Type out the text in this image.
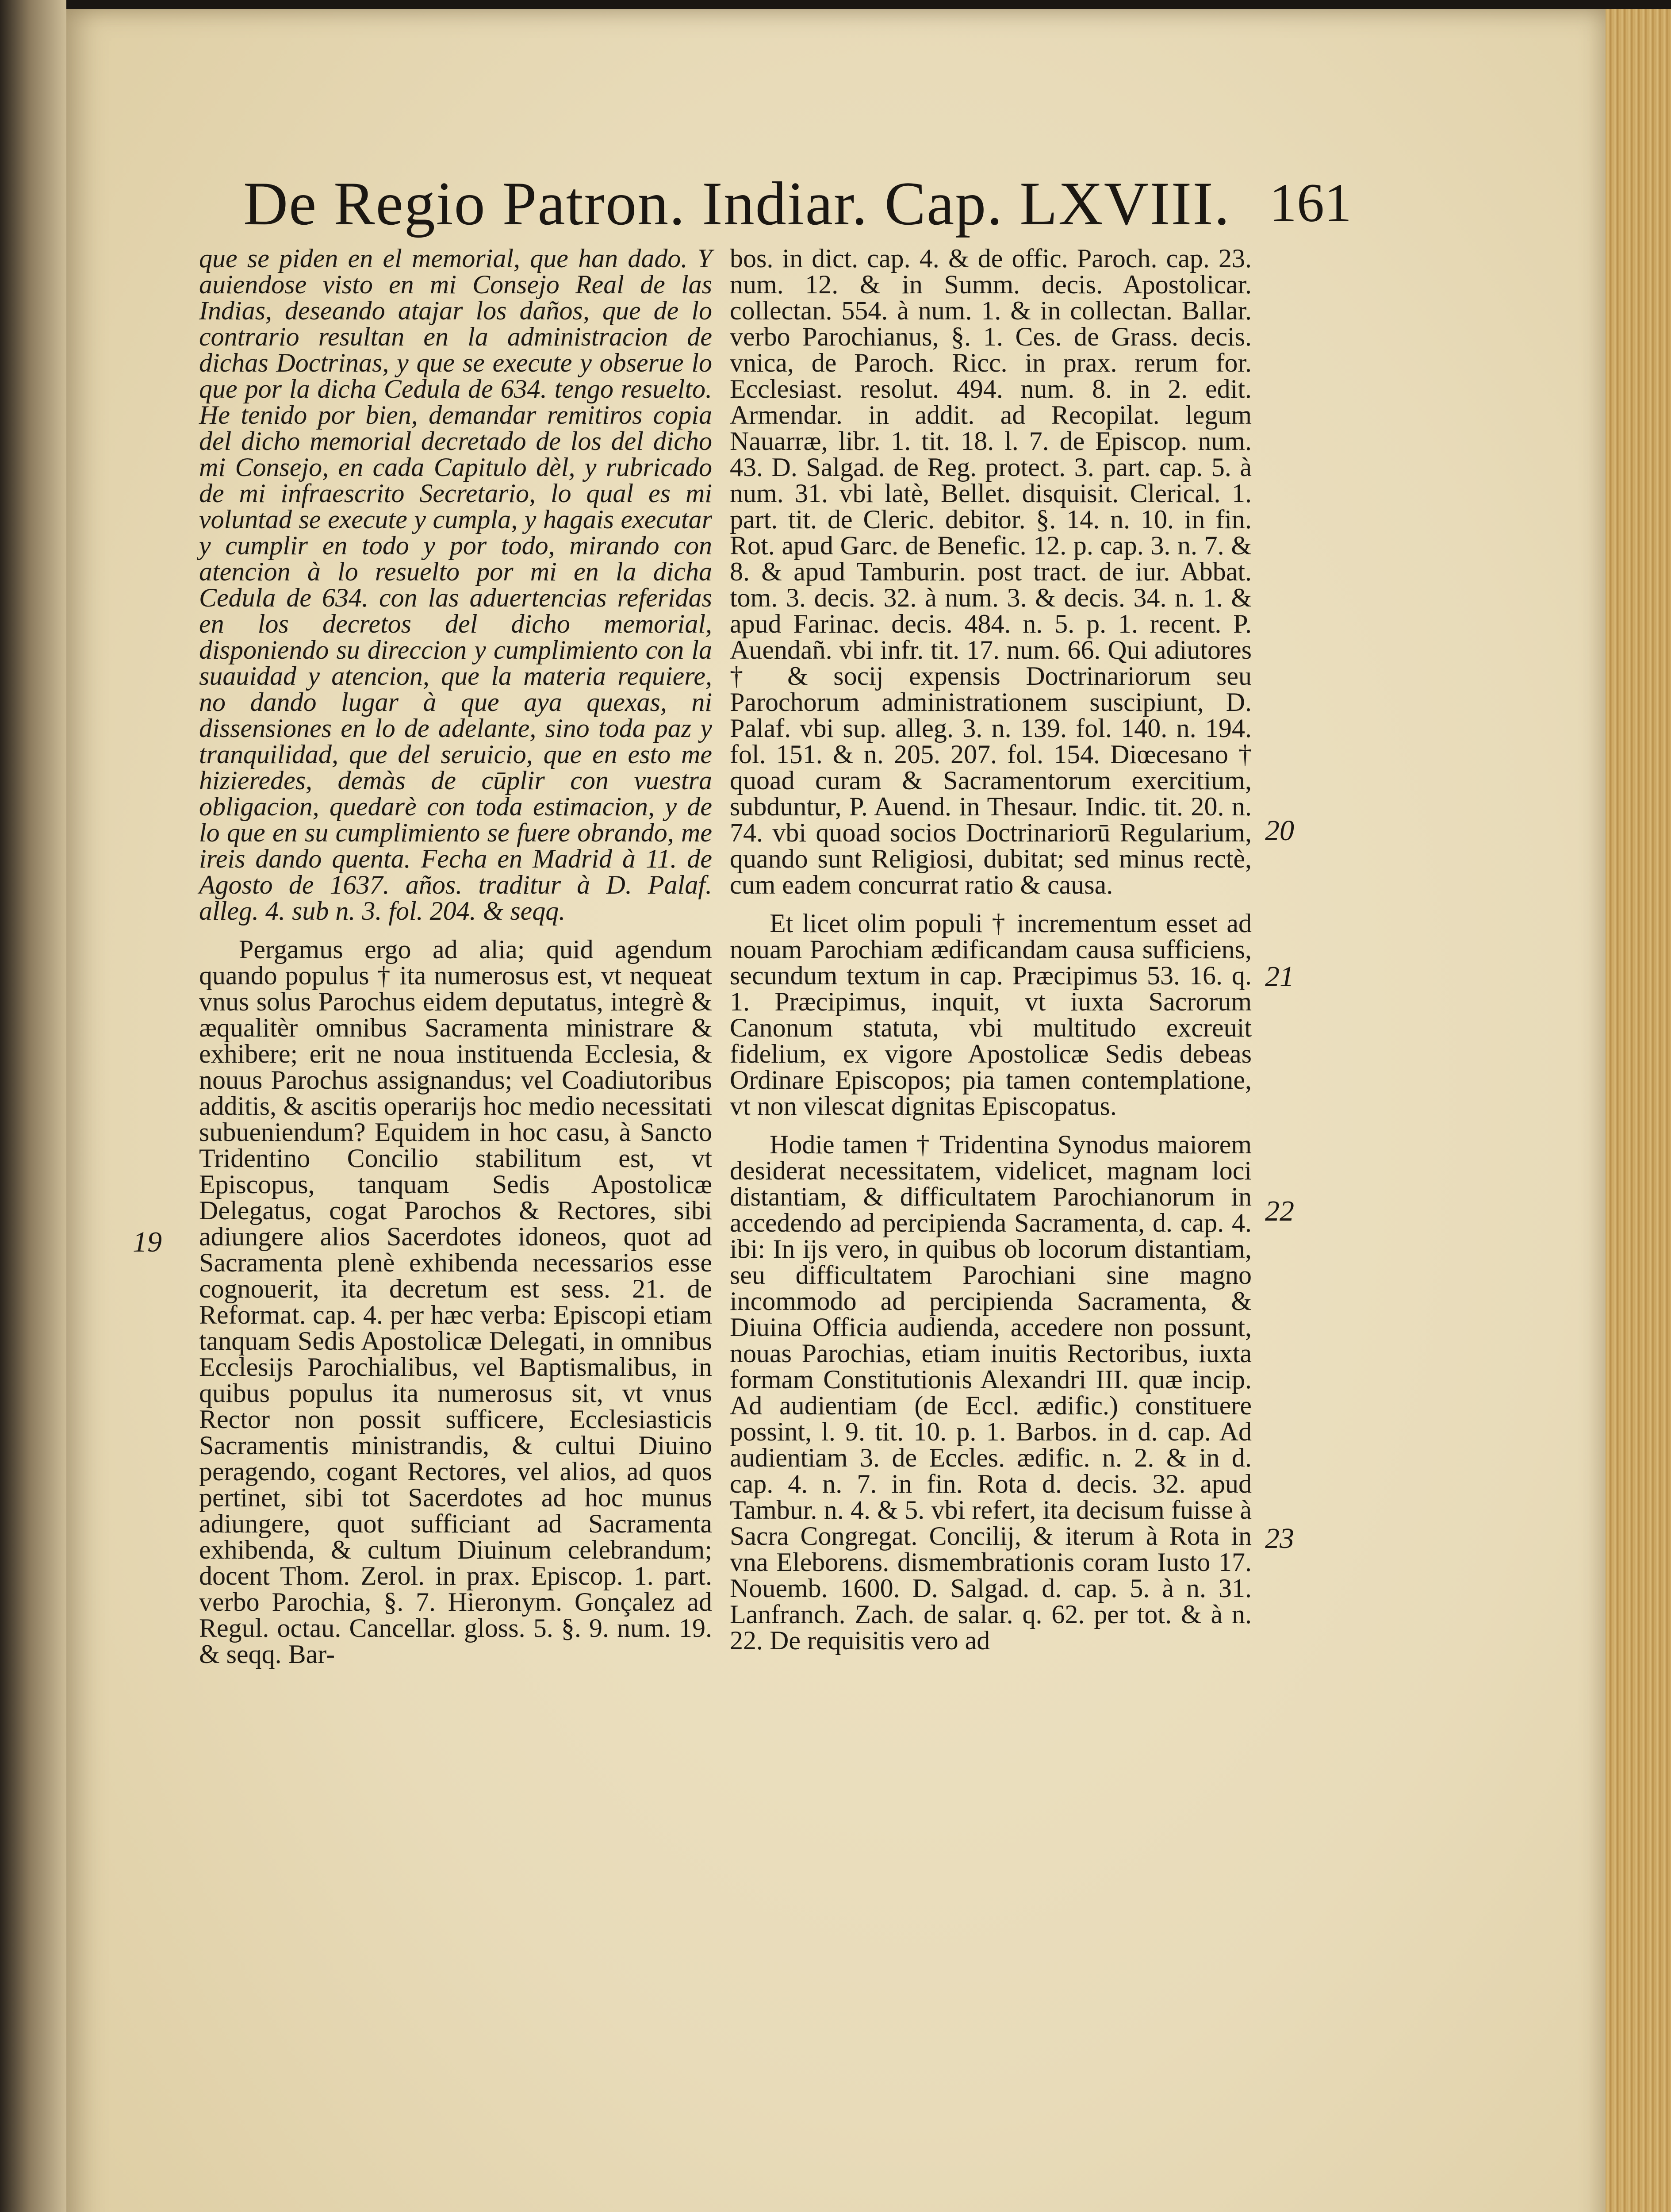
De Regio Patron. Indiar. Cap. LXVIII. 161

que se piden en el memorial, que han dado. Y auiendose visto en mi Consejo Real de las Indias, deseando atajar los daños, que de lo contrario resultan en la administracion de dichas Doctrinas, y que se execute y obserue lo que por la dicha Cedula de 634. tengo resuelto. He tenido por bien, demandar remitiros copia del dicho memorial decretado de los del dicho mi Consejo, en cada Capitulo dèl, y rubricado de mi infraescrito Secretario, lo qual es mi voluntad se execute y cumpla, y hagais executar y cumplir en todo y por todo, mirando con atencion à lo resuelto por mi en la dicha Cedula de 634. con las aduertencias referidas en los decretos del dicho memorial, disponiendo su direccion y cumplimiento con la suauidad y atencion, que la materia requiere, no dando lugar à que aya quexas, ni dissensiones en lo de adelante, sino toda paz y tranquilidad, que del seruicio, que en esto me hizieredes, demàs de cūplir con vuestra obligacion, quedarè con toda estimacion, y de lo que en su cumplimiento se fuere obrando, me ireis dando quenta. Fecha en Madrid à 11. de Agosto de 1637. años. traditur à D. Palaf. alleg. 4. sub n. 3. fol. 204. & seqq.

Pergamus ergo ad alia; quid agendum quando populus † ita numerosus est, vt nequeat vnus solus Parochus eidem deputatus, integrè & æqualitèr omnibus Sacramenta ministrare & exhibere; erit ne noua instituenda Ecclesia, & nouus Parochus assignandus; vel Coadiutoribus additis, & ascitis operarijs hoc medio necessitati subueniendum? Equidem in hoc casu, à Sancto Tridentino Concilio stabilitum est, vt Episcopus, tanquam Sedis Apostolicæ Delegatus, cogat Parochos & Rectores, sibi adiungere alios Sacerdotes idoneos, quot ad Sacramenta plenè exhibenda necessarios esse cognouerit, ita decretum est sess. 21. de Reformat. cap. 4. per hæc verba: Episcopi etiam tanquam Sedis Apostolicæ Delegati, in omnibus Ecclesijs Parochialibus, vel Baptismalibus, in quibus populus ita numerosus sit, vt vnus Rector non possit sufficere, Ecclesiasticis Sacramentis ministrandis, & cultui Diuino peragendo, cogant Rectores, vel alios, ad quos pertinet, sibi tot Sacerdotes ad hoc munus adiungere, quot sufficiant ad Sacramenta exhibenda, & cultum Diuinum celebrandum; docent Thom. Zerol. in prax. Episcop. 1. part. verbo Parochia, §. 7. Hieronym. Gonçalez ad Regul. octau. Cancellar. gloss. 5. §. 9. num. 19. & seqq. Bar-

bos. in dict. cap. 4. & de offic. Paroch. cap. 23. num. 12. & in Summ. decis. Apostolicar. collectan. 554. à num. 1. & in collectan. Ballar. verbo Parochianus, §. 1. Ces. de Grass. decis. vnica, de Paroch. Ricc. in prax. rerum for. Ecclesiast. resolut. 494. num. 8. in 2. edit. Armendar. in addit. ad Recopilat. legum Nauarræ, libr. 1. tit. 18. l. 7. de Episcop. num. 43. D. Salgad. de Reg. protect. 3. part. cap. 5. à num. 31. vbi latè, Bellet. disquisit. Clerical. 1. part. tit. de Cleric. debitor. §. 14. n. 10. in fin. Rot. apud Garc. de Benefic. 12. p. cap. 3. n. 7. & 8. & apud Tamburin. post tract. de iur. Abbat. tom. 3. decis. 32. à num. 3. & decis. 34. n. 1. & apud Farinac. decis. 484. n. 5. p. 1. recent. P. Auendañ. vbi infr. tit. 17. num. 66. Qui adiutores † & socij expensis Doctrinariorum seu Parochorum administrationem suscipiunt, D. Palaf. vbi sup. alleg. 3. n. 139. fol. 140. n. 194. fol. 151. & n. 205. 207. fol. 154. Diœcesano † quoad curam & Sacramentorum exercitium, subduntur, P. Auend. in Thesaur. Indic. tit. 20. n. 74. vbi quoad socios Doctrinariorū Regularium, quando sunt Religiosi, dubitat; sed minus rectè, cum eadem concurrat ratio & causa.

Et licet olim populi † incrementum esset ad nouam Parochiam ædificandam causa sufficiens, secundum textum in cap. Præcipimus 53. 16. q. 1. Præcipimus, inquit, vt iuxta Sacrorum Canonum statuta, vbi multitudo excreuit fidelium, ex vigore Apostolicæ Sedis debeas Ordinare Episcopos; pia tamen contemplatione, vt non vilescat dignitas Episcopatus.

Hodie tamen † Tridentina Synodus maiorem desiderat necessitatem, videlicet, magnam loci distantiam, & difficultatem Parochianorum in accedendo ad percipienda Sacramenta, d. cap. 4. ibi: In ijs vero, in quibus ob locorum distantiam, seu difficultatem Parochiani sine magno incommodo ad percipienda Sacramenta, & Diuina Officia audienda, accedere non possunt, nouas Parochias, etiam inuitis Rectoribus, iuxta formam Constitutionis Alexandri III. quæ incip. Ad audientiam (de Eccl. ædific.) constituere possint, l. 9. tit. 10. p. 1. Barbos. in d. cap. Ad audientiam 3. de Eccles. ædific. n. 2. & in d. cap. 4. n. 7. in fin. Rota d. decis. 32. apud Tambur. n. 4. & 5. vbi refert, ita decisum fuisse à Sacra Congregat. Concilij, & iterum à Rota in vna Eleborens. dismembrationis coram Iusto 17. Nouemb. 1600. D. Salgad. d. cap. 5. à n. 31. Lanfranch. Zach. de salar. q. 62. per tot. & à n. 22. De requisitis vero ad

19
20
21
22
23
